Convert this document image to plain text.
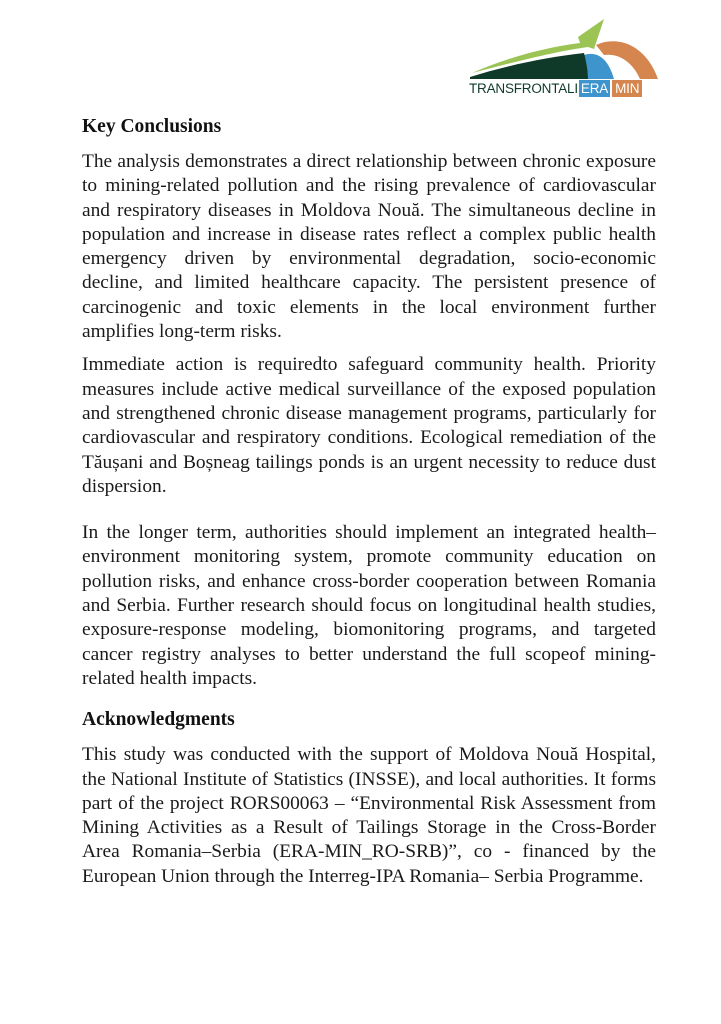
TRANSFRONTALI ERA MIN
Key Conclusions

The analysis demonstrates a direct relationship between chronic exposure to mining-related pollution and the rising prevalence of cardiovascular and respiratory diseases in Moldova Nouă. The simultaneous decline in population and increase in disease rates reflect a complex public health emergency driven by environmental degradation, socio-economic decline, and limited healthcare capacity. The persistent presence of carcinogenic and toxic elements in the local environment further amplifies long-term risks.

Immediate action is requiredto safeguard community health. Priority measures include active medical surveillance of the exposed population and strengthened chronic disease management programs, particularly for cardiovascular and respiratory conditions. Ecological remediation of the Tăușani and Boșneag tailings ponds is an urgent necessity to reduce dust dispersion.

In the longer term, authorities should implement an integrated health–environment monitoring system, promote community education on pollution risks, and enhance cross-border cooperation between Romania and Serbia. Further research should focus on longitudinal health studies, exposure-response modeling, biomonitoring programs, and targeted cancer registry analyses to better understand the full scopeof mining-related health impacts.

Acknowledgments

This study was conducted with the support of Moldova Nouă Hospital, the National Institute of Statistics (INSSE), and local authorities. It forms part of the project RORS00063 – “Environmental Risk Assessment from Mining Activities as a Result of Tailings Storage in the Cross-Border Area Romania–Serbia (ERA-MIN_RO-SRB)”, co - financed by the European Union through the Interreg-IPA Romania– Serbia Programme.
